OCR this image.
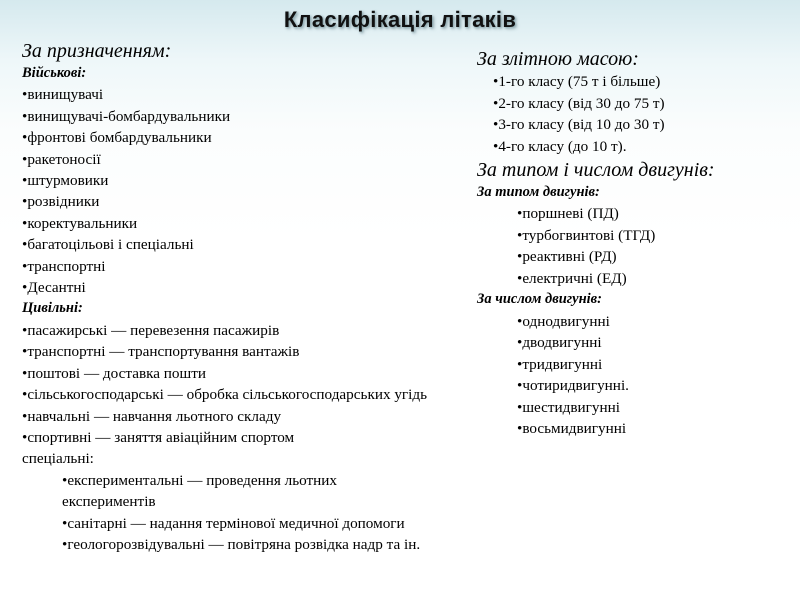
Класифікація літаків
За призначенням:
Військові:
•винищувачі
•винищувачі-бомбардувальники
•фронтові бомбардувальники
•ракетоносії
•штурмовики
•розвідники
•коректувальники
•багатоцільові і спеціальні
•транспортні
•Десантні
Цивільні:
•пасажирські — перевезення пасажирів
•транспортні — транспортування вантажів
•поштові — доставка пошти
•сільськогосподарські — обробка сільськогосподарських угідь
•навчальні — навчання льотного складу
•спортивні — заняття авіаційним спортом
спеціальні:
•експериментальні — проведення льотних експериментів
•санітарні — надання термінової медичної допомоги
•геологорозвідувальні — повітряна розвідка надр та ін.
За злітною масою:
•1-го класу (75 т і більше)
•2-го класу (від 30 до 75 т)
•3-го класу (від 10 до 30 т)
•4-го класу (до 10 т).
За типом і числом двигунів:
За типом двигунів:
•поршневі (ПД)
•турбогвинтові (ТГД)
•реактивні (РД)
•електричні (ЕД)
За числом двигунів:
•однодвигунні
•дводвигунні
•тридвигунні
•чотиридвигунні.
•шестидвигунні
•восьмидвигунні
